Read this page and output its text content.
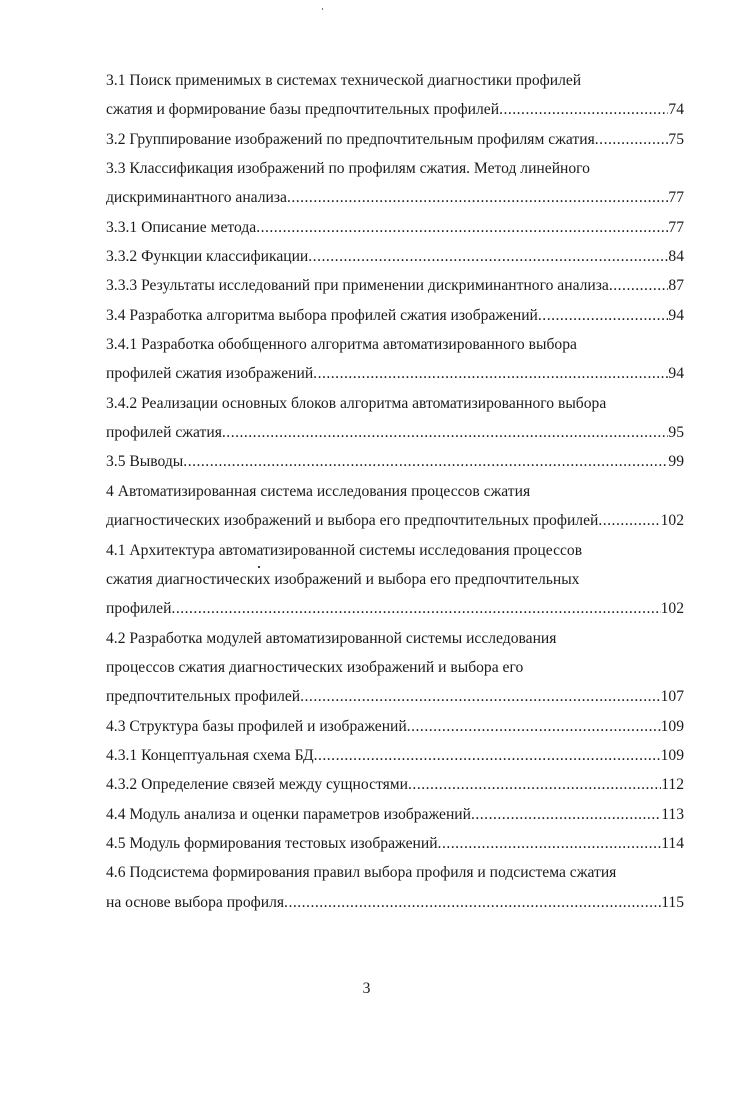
3.1 Поиск применимых в системах технической диагностики профилей
сжатия и формирование базы предпочтительных профилей .....	74
3.2 Группирование изображений по предпочтительным профилям сжатия .....	75
3.3 Классификация изображений по профилям сжатия. Метод линейного
дискриминантного анализа .....	77
3.3.1 Описание метода .....	77
3.3.2 Функции классификации .....	84
3.3.3 Результаты исследований при применении дискриминантного анализа .....	87
3.4 Разработка алгоритма выбора профилей сжатия изображений .....	94
3.4.1 Разработка обобщенного алгоритма автоматизированного выбора
профилей сжатия изображений .....	94
3.4.2 Реализации основных блоков алгоритма автоматизированного выбора
профилей сжатия .....	95
3.5 Выводы .....	99
4 Автоматизированная система исследования процессов сжатия
диагностических изображений и выбора его предпочтительных профилей .....	102
4.1 Архитектура автоматизированной системы исследования процессов
сжатия диагностических изображений и выбора его предпочтительных
профилей .....	102
4.2 Разработка модулей автоматизированной системы исследования
процессов сжатия диагностических изображений и выбора его
предпочтительных профилей .....	107
4.3 Структура базы профилей и изображений .....	109
4.3.1 Концептуальная схема БД .....	109
4.3.2 Определение связей между сущностями .....	112
4.4 Модуль анализа и оценки параметров изображений .....	113
4.5 Модуль формирования тестовых изображений .....	114
4.6 Подсистема формирования правил выбора профиля и подсистема сжатия
на основе выбора профиля .....	115
3
